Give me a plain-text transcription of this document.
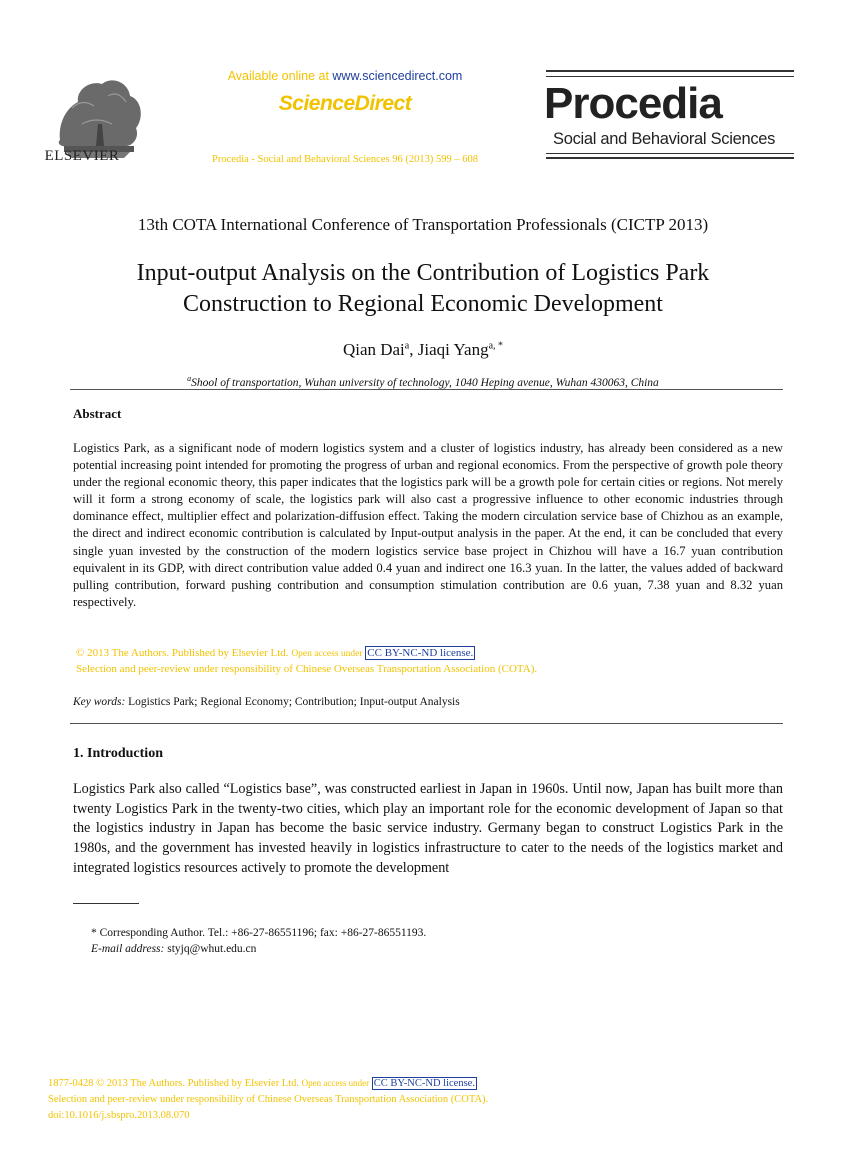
ELSEVIER
Available online at www.sciencedirect.com
ScienceDirect
Procedia - Social and Behavioral Sciences 96 (2013) 599 – 608
Procedia
Social and Behavioral Sciences
13th COTA International Conference of Transportation Professionals (CICTP 2013)
Input-output Analysis on the Contribution of Logistics Park
Construction to Regional Economic Development
Qian Dai$^a$, Jiaqi Yang$^{a, *}$
$^a$Shool of transportation, Wuhan university of technology, 1040 Heping avenue, Wuhan 430063, China
Abstract
Logistics Park, as a significant node of modern logistics system and a cluster of logistics industry, has already been considered as a new potential increasing point intended for promoting the progress of urban and regional economics. From the perspective of growth pole theory under the regional economic theory, this paper indicates that the logistics park will be a growth pole for certain cities or regions. Not merely will it form a strong economy of scale, the logistics park will also cast a progressive influence to other economic industries through dominance effect, multiplier effect and polarization-diffusion effect. Taking the modern circulation service base of Chizhou as an example, the direct and indirect economic contribution is calculated by Input-output analysis in the paper. At the end, it can be concluded that every single yuan invested by the construction of the modern logistics service base project in Chizhou will have a 16.7 yuan contribution equivalent in its GDP, with direct contribution value added 0.4 yuan and indirect one 16.3 yuan. In the latter, the values added of backward pulling contribution, forward pushing contribution and consumption stimulation contribution are 0.6 yuan, 7.38 yuan and 8.32 yuan respectively.
© 2013 The Authors. Published by Elsevier Ltd. Open access under CC BY-NC-ND license.
Selection and peer-review under responsibility of Chinese Overseas Transportation Association (COTA).
Key words: Logistics Park; Regional Economy; Contribution; Input-output Analysis
1. Introduction
Logistics Park also called “Logistics base”, was constructed earliest in Japan in 1960s. Until now, Japan has built more than twenty Logistics Park in the twenty-two cities, which play an important role for the economic development of Japan so that the logistics industry in Japan has become the basic service industry. Germany began to construct Logistics Park in the 1980s, and the government has invested heavily in logistics infrastructure to cater to the needs of the logistics market and integrated logistics resources actively to promote the development
* Corresponding Author. Tel.: +86-27-86551196; fax: +86-27-86551193.
E-mail address: styjq@whut.edu.cn
1877-0428 © 2013 The Authors. Published by Elsevier Ltd. Open access under CC BY-NC-ND license.
Selection and peer-review under responsibility of Chinese Overseas Transportation Association (COTA).
doi:10.1016/j.sbspro.2013.08.070
